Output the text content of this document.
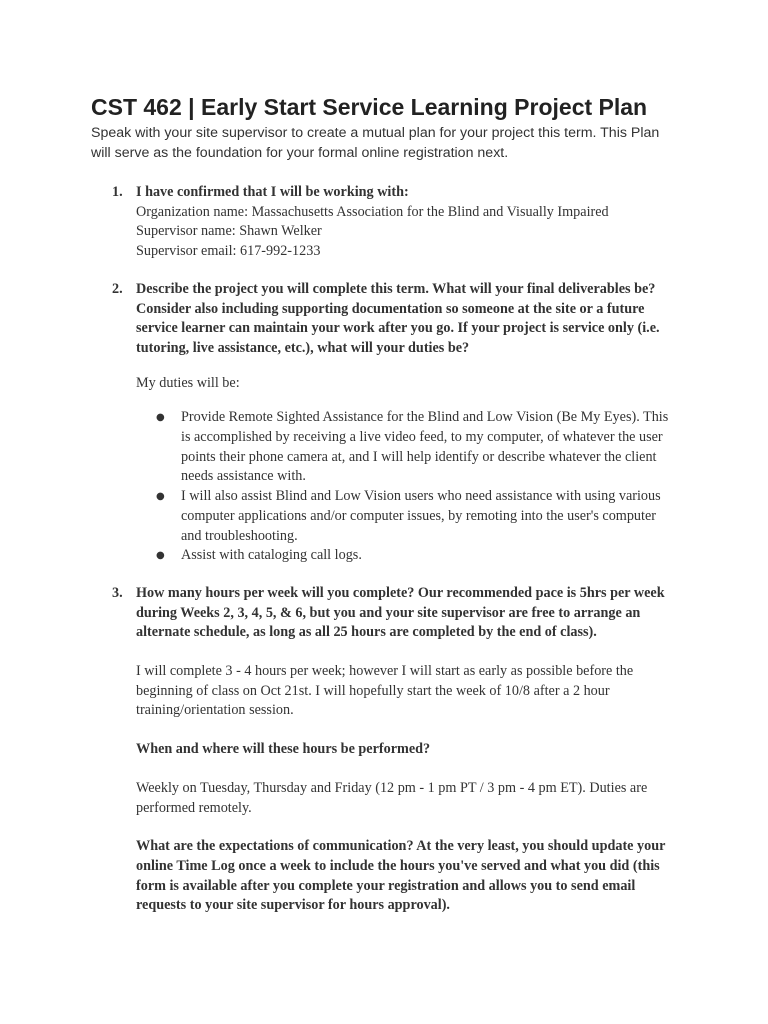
CST 462 | Early Start Service Learning Project Plan

Speak with your site supervisor to create a mutual plan for your project this term. This Plan will serve as the foundation for your formal online registration next.

1. I have confirmed that I will be working with:
Organization name: Massachusetts Association for the Blind and Visually Impaired
Supervisor name: Shawn Welker
Supervisor email: 617-992-1233
2. Describe the project you will complete this term. What will your final deliverables be? Consider also including supporting documentation so someone at the site or a future service learner can maintain your work after you go. If your project is service only (i.e. tutoring, live assistance, etc.), what will your duties be?

My duties will be:

● Provide Remote Sighted Assistance for the Blind and Low Vision (Be My Eyes). This is accomplished by receiving a live video feed, to my computer, of whatever the user points their phone camera at, and I will help identify or describe whatever the client needs assistance with.
● I will also assist Blind and Low Vision users who need assistance with using various computer applications and/or computer issues, by remoting into the user's computer and troubleshooting.
● Assist with cataloging call logs.
3. How many hours per week will you complete? Our recommended pace is 5hrs per week during Weeks 2, 3, 4, 5, & 6, but you and your site supervisor are free to arrange an alternate schedule, as long as all 25 hours are completed by the end of class).

I will complete 3 - 4 hours per week; however I will start as early as possible before the beginning of class on Oct 21st. I will hopefully start the week of 10/8 after a 2 hour training/orientation session.

When and where will these hours be performed?

Weekly on Tuesday, Thursday and Friday (12 pm - 1 pm PT / 3 pm - 4 pm ET). Duties are performed remotely.

What are the expectations of communication? At the very least, you should update your online Time Log once a week to include the hours you've served and what you did (this form is available after you complete your registration and allows you to send email requests to your site supervisor for hours approval).
